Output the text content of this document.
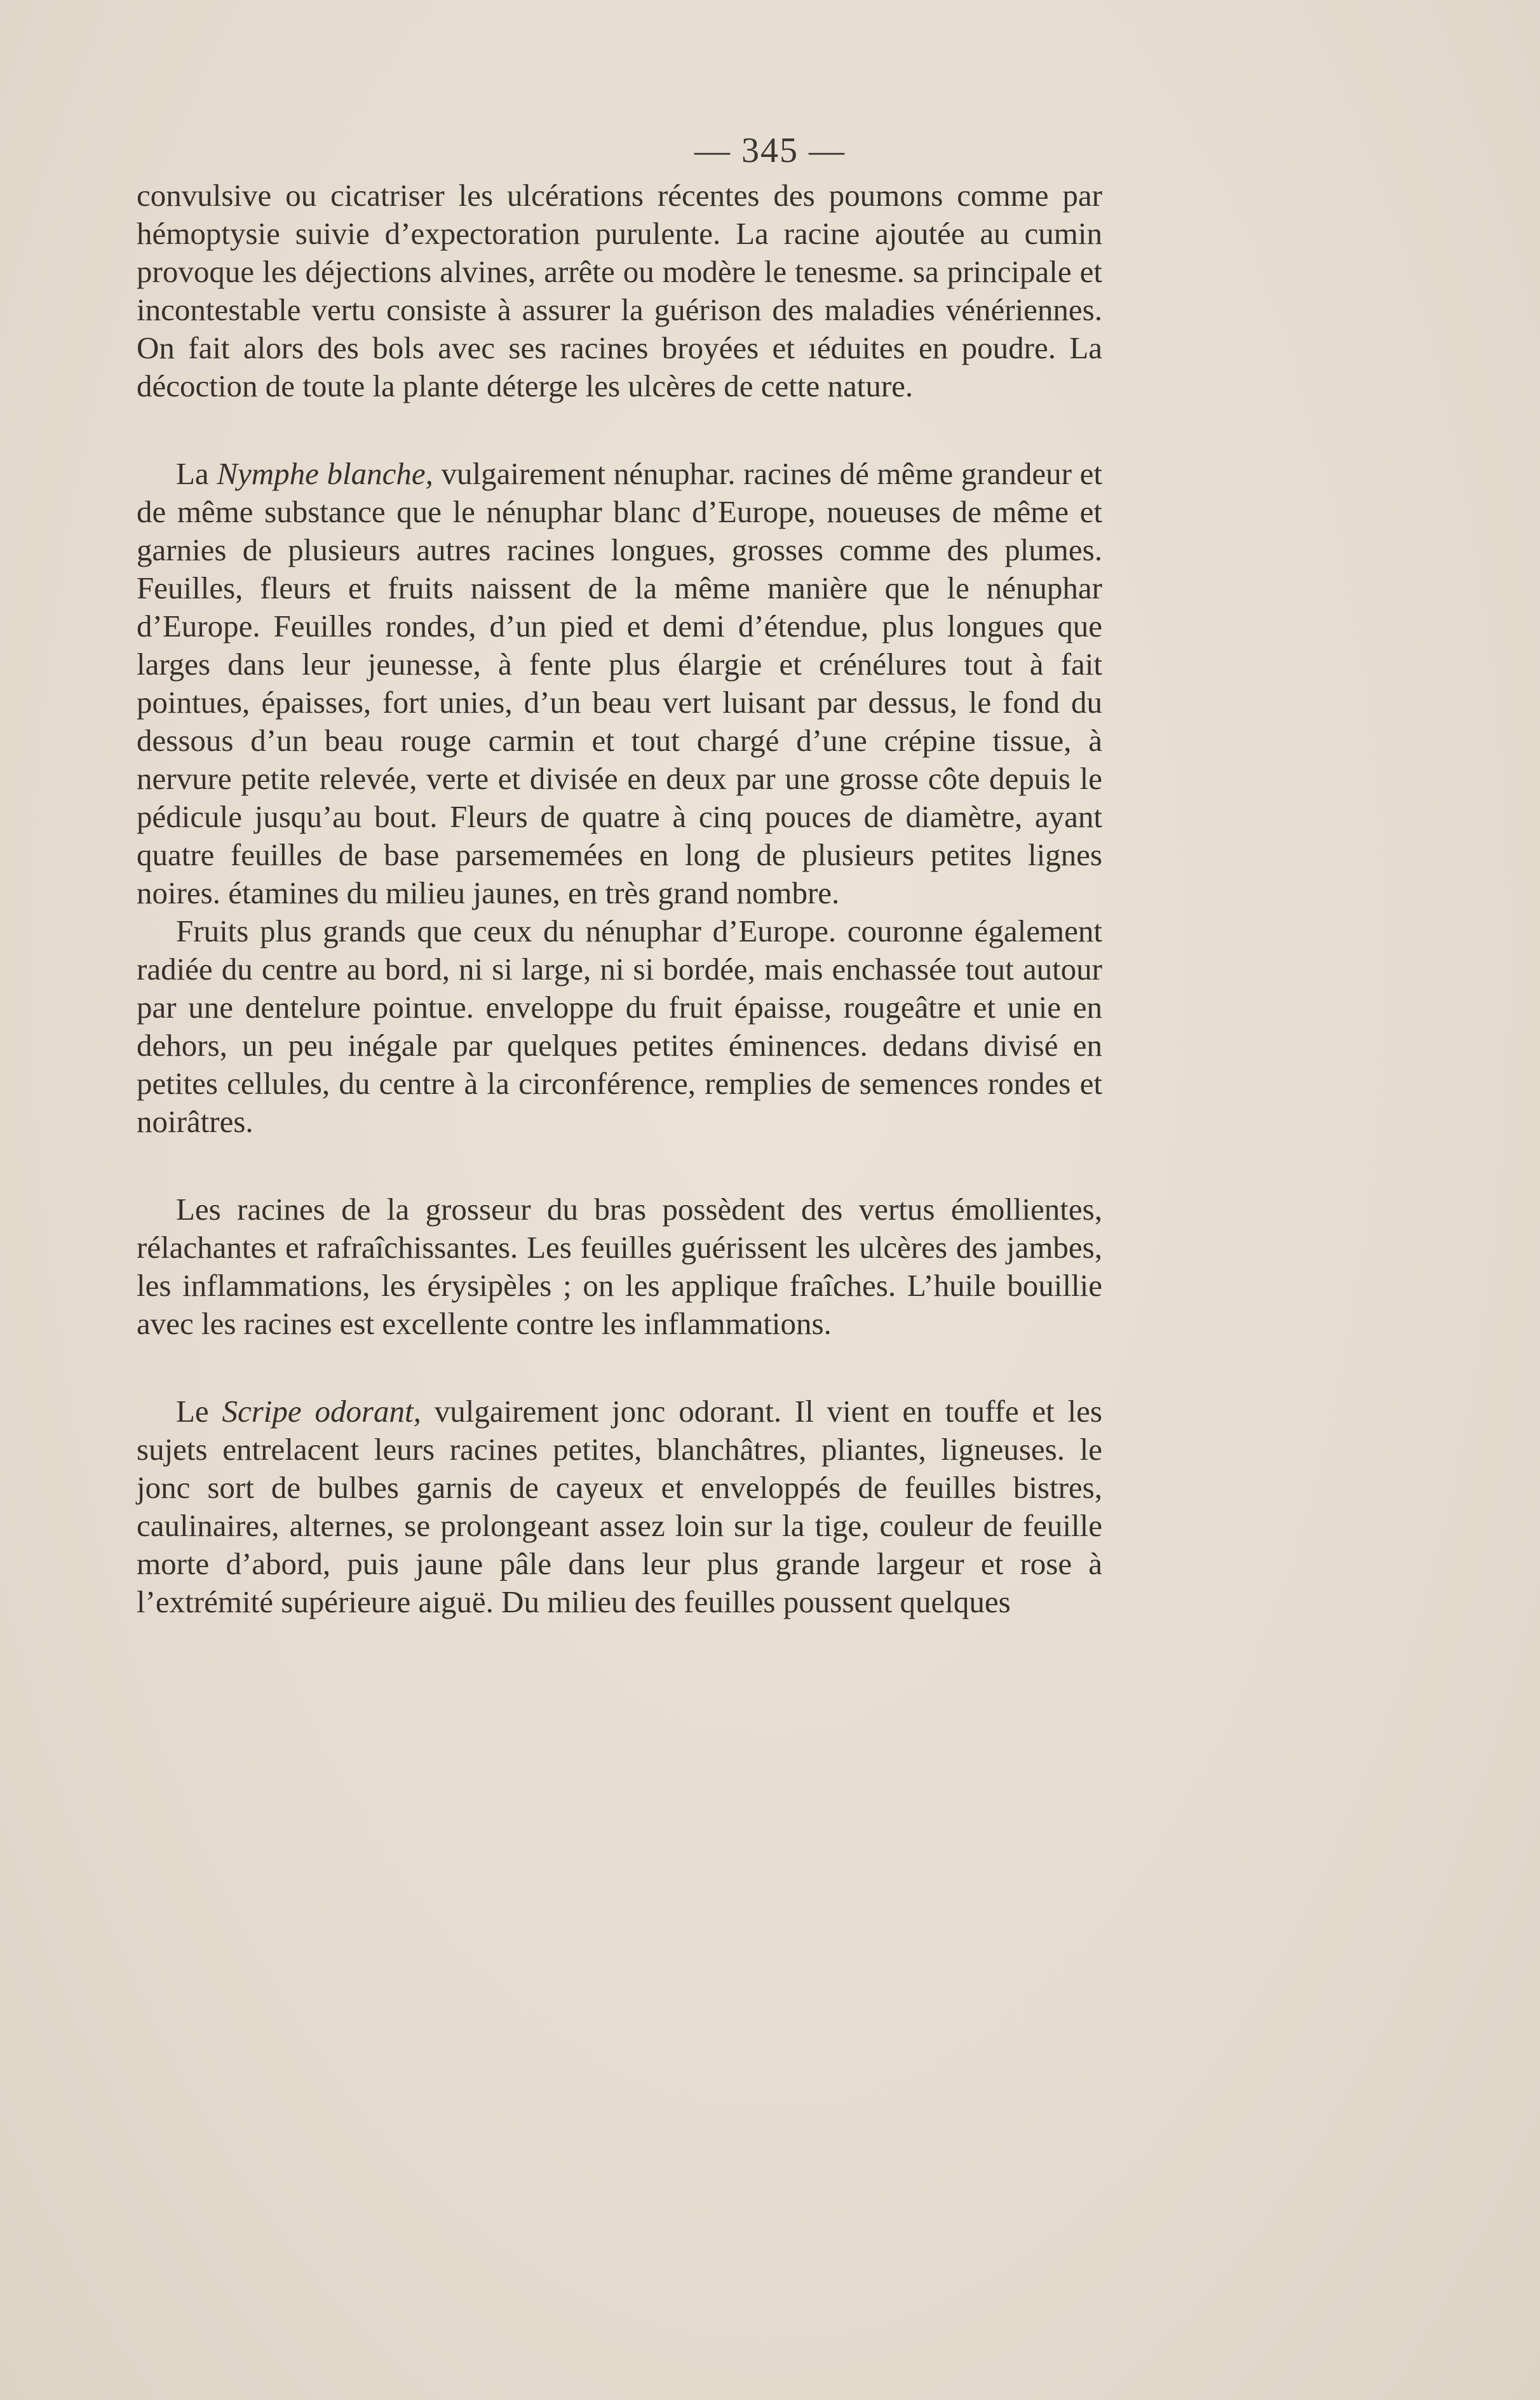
— 345 —

convulsive ou cicatriser les ulcérations récentes des poumons comme par hémoptysie suivie d’expectoration purulente. La racine ajoutée au cumin provoque les déjections alvines, arrête ou modère le tenesme. sa principale et incontestable vertu consiste à assurer la guérison des maladies vénériennes. On fait alors des bols avec ses racines broyées et ıéduites en poudre. La décoction de toute la plante déterge les ulcères de cette nature.

La Nymphe blanche, vulgairement nénuphar. racines dé même grandeur et de même substance que le nénuphar blanc d’Europe, noueuses de même et garnies de plusieurs autres racines longues, grosses comme des plumes. Feuilles, fleurs et fruits naissent de la même manière que le nénuphar d’Europe. Feuilles rondes, d’un pied et demi d’étendue, plus longues que larges dans leur jeunesse, à fente plus élargie et crénélures tout à fait pointues, épaisses, fort unies, d’un beau vert luisant par dessus, le fond du dessous d’un beau rouge carmin et tout chargé d’une crépine tissue, à nervure petite relevée, verte et divisée en deux par une grosse côte depuis le pédicule jusqu’au bout. Fleurs de quatre à cinq pouces de diamètre, ayant quatre feuilles de base parsememées en long de plusieurs petites lignes noires. étamines du milieu jaunes, en très grand nombre.

Fruits plus grands que ceux du nénuphar d’Europe. couronne également radiée du centre au bord, ni si large, ni si bordée, mais enchassée tout autour par une dentelure pointue. enveloppe du fruit épaisse, rougeâtre et unie en dehors, un peu inégale par quelques petites éminences. dedans divisé en petites cellules, du centre à la circonférence, remplies de semences rondes et noirâtres.

Les racines de la grosseur du bras possèdent des vertus émollientes, rélachantes et rafraîchissantes. Les feuilles guérissent les ulcères des jambes, les inflammations, les érysipèles ; on les applique fraîches. L’huile bouillie avec les racines est excellente contre les inflammations.

Le Scripe odorant, vulgairement jonc odorant. Il vient en touffe et les sujets entrelacent leurs racines petites, blanchâtres, pliantes, ligneuses. le jonc sort de bulbes garnis de cayeux et enveloppés de feuilles bistres, caulinaires, alternes, se prolongeant assez loin sur la tige, couleur de feuille morte d’abord, puis jaune pâle dans leur plus grande largeur et rose à l’extrémité supérieure aiguë. Du milieu des feuilles poussent quelques
